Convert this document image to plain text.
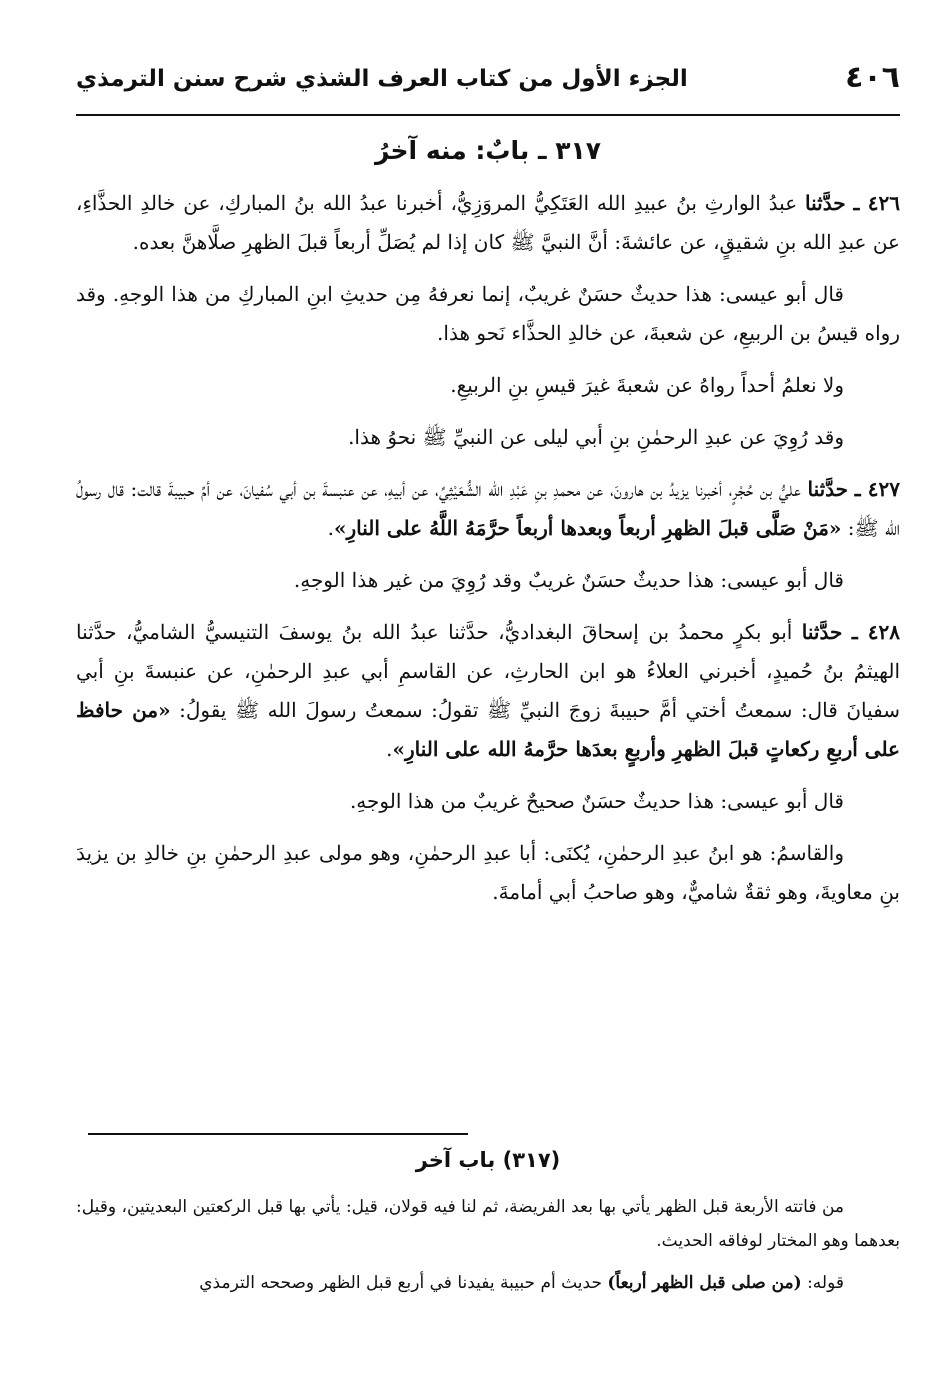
٤٠٦
الجزء الأول من كتاب العرف الشذي شرح سنن الترمذي
٣١٧ ـ بابٌ: منه آخرُ

٤٢٦ ـ حدَّثنا عبدُ الوارثِ بنُ عبيدِ الله العَتَكِيُّ المروَزِيُّ، أخبرنا عبدُ الله بنُ المباركِ، عن خالدِ الحذَّاءِ، عن عبدِ الله بنِ شقيقٍ، عن عائشةَ: أنَّ النبيَّ ﷺ كان إذا لم يُصَلِّ أربعاً قبلَ الظهرِ صلَّاهنَّ بعده.

قال أبو عيسى: هذا حديثٌ حسَنٌ غريبٌ، إنما نعرفهُ مِن حديثِ ابنِ المباركِ من هذا الوجهِ. وقد رواه قيسُ بن الربيعِ، عن شعبةَ، عن خالدِ الحذَّاء نَحو هذا.

ولا نعلمُ أحداً رواهُ عن شعبةَ غيرَ قيسِ بنِ الربيعِ.

وقد رُوِيَ عن عبدِ الرحمٰنِ بنِ أبي ليلى عن النبيِّ ﷺ نحوُ هذا.

٤٢٧ ـ حدَّثنا عليُّ بن حُجْرٍ، أخبرنا يزيدُ بن هارونَ، عن محمدِ بنِ عَبْدِ الله الشُّعَيْثِيِّ، عن أبيهِ، عن عنبسةَ بن أبي سُفيانَ، عن أمِّ حبيبةَ قالت: قال رسولُ الله ﷺ: «مَنْ صَلَّى قبلَ الظهرِ أربعاً وبعدها أربعاً حرَّمَهُ اللَّهُ على النارِ».

قال أبو عيسى: هذا حديثٌ حسَنٌ غريبٌ وقد رُوِيَ من غير هذا الوجهِ.

٤٢٨ ـ حدَّثنا أبو بكرٍ محمدُ بن إسحاقَ البغداديُّ، حدَّثنا عبدُ الله بنُ يوسفَ التنيسيُّ الشاميُّ، حدَّثنا الهيثمُ بنُ حُميدٍ، أخبرني العلاءُ هو ابن الحارثِ، عن القاسمِ أبي عبدِ الرحمٰنِ، عن عنبسةَ بنِ أبي سفيانَ قال: سمعتُ أختي أمَّ حبيبةَ زوجَ النبيِّ ﷺ تقولُ: سمعتُ رسولَ الله ﷺ يقولُ: «من حافظ على أربعِ ركعاتٍ قبلَ الظهرِ وأربعٍ بعدَها حرَّمهُ الله على النارِ».

قال أبو عيسى: هذا حديثٌ حسَنٌ صحيحٌ غريبٌ من هذا الوجهِ.

والقاسمُ: هو ابنُ عبدِ الرحمٰنِ، يُكنَى: أبا عبدِ الرحمٰنِ، وهو مولى عبدِ الرحمٰنِ بنِ خالدِ بن يزيدَ بنِ معاويةَ، وهو ثقةٌ شاميٌّ، وهو صاحبُ أبي أمامةَ.

(٣١٧) باب آخر

من فاتته الأربعة قبل الظهر يأتي بها بعد الفريضة، ثم لنا فيه قولان، قيل: يأتي بها قبل الركعتين البعديتين، وقيل: بعدهما وهو المختار لوفاقه الحديث.

قوله: (من صلى قبل الظهر أربعاً) حديث أم حبيبة يفيدنا في أربع قبل الظهر وصححه الترمذي
